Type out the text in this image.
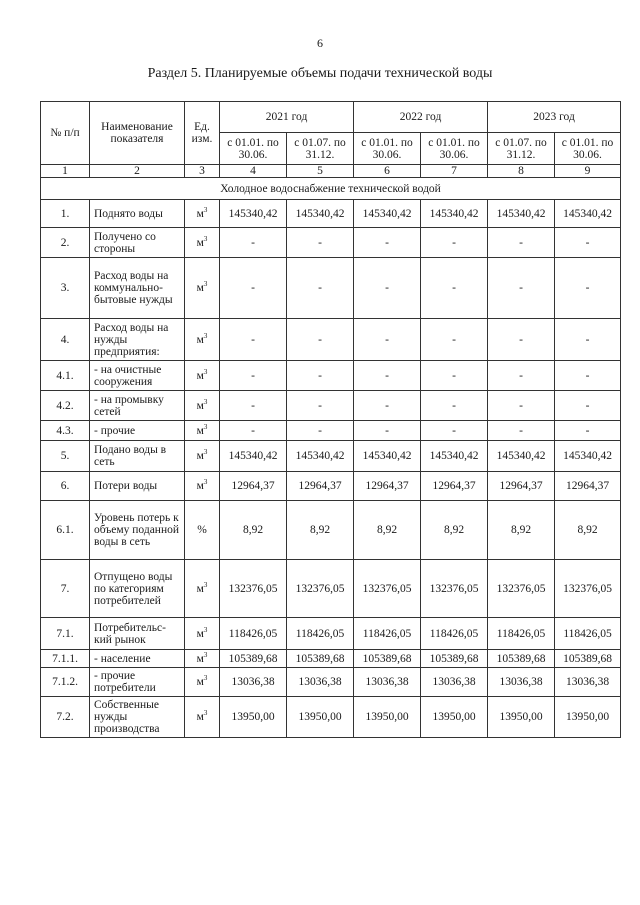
6
Раздел 5. Планируемые объемы подачи технической воды
№ п/п	Наименование показателя	Ед. изм.	2021 год		2022 год		2023 год	
			с 01.01. по 30.06.	с 01.07. по 31.12.	с 01.01. по 30.06.	с 01.01. по 30.06.	с 01.07. по 31.12.	с 01.01. по 30.06.
1	2	3	4	5	6	7	8	9
Холодное водоснабжение технической водой								
1.	Поднято воды	$м^3$	145340,42	145340,42	145340,42	145340,42	145340,42	145340,42
2.	Получено со стороны	$м^3$	-	-	-	-	-	-
3.	Расход воды на коммунально-бытовые нужды	$м^3$	-	-	-	-	-	-
4.	Расход воды на нужды предприятия:	$м^3$	-	-	-	-	-	-
4.1.	- на очистные сооружения	$м^3$	-	-	-	-	-	-
4.2.	- на промывку сетей	$м^3$	-	-	-	-	-	-
4.3.	- прочие	$м^3$	-	-	-	-	-	-
5.	Подано воды в сеть	$м^3$	145340,42	145340,42	145340,42	145340,42	145340,42	145340,42
6.	Потери воды	$м^3$	12964,37	12964,37	12964,37	12964,37	12964,37	12964,37
6.1.	Уровень потерь к объему поданной воды в сеть	%	8,92	8,92	8,92	8,92	8,92	8,92
7.	Отпущено воды по категориям потребителей	$м^3$	132376,05	132376,05	132376,05	132376,05	132376,05	132376,05
7.1.	Потребительс-кий рынок	$м^3$	118426,05	118426,05	118426,05	118426,05	118426,05	118426,05
7.1.1.	- население	$м^3$	105389,68	105389,68	105389,68	105389,68	105389,68	105389,68
7.1.2.	- прочие потребители	$м^3$	13036,38	13036,38	13036,38	13036,38	13036,38	13036,38
7.2.	Собственные нужды производства	$м^3$	13950,00	13950,00	13950,00	13950,00	13950,00	13950,00
